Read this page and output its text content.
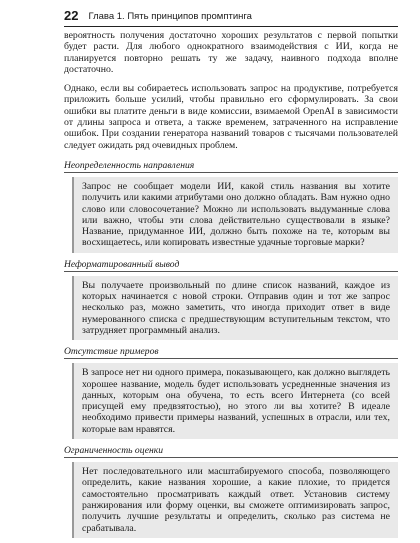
22 Глава 1. Пять принципов промптинга

вероятность получения достаточно хороших результатов с первой попытки будет расти. Для любого однократного взаимодействия с ИИ, когда не планируется повторно решать ту же задачу, наивного подхода вполне достаточно.

Однако, если вы собираетесь использовать запрос на продуктиве, потребуется приложить больше усилий, чтобы правильно его сформулировать. За свои ошибки вы платите деньги в виде комиссии, взимаемой OpenAI в зависимости от длины запроса и ответа, а также временем, затраченного на исправление ошибок. При создании генератора названий товаров с тысячами пользователей следует ожидать ряд очевидных проблем.

Неопределенность направления

Запрос не сообщает модели ИИ, какой стиль названия вы хотите получить или какими атрибутами оно должно обладать. Вам нужно одно слово или словосочетание? Можно ли использовать выдуманные слова или важно, чтобы эти слова действительно существовали в языке? Название, придуманное ИИ, должно быть похоже на те, которым вы восхищаетесь, или копировать известные удачные торговые марки?

Неформатированный вывод

Вы получаете произвольный по длине список названий, каждое из которых начинается с новой строки. Отправив один и тот же запрос несколько раз, можно заметить, что иногда приходит ответ в виде нумерованного списка с предшествующим вступительным текстом, что затрудняет программный анализ.

Отсутствие примеров

В запросе нет ни одного примера, показывающего, как должно выглядеть хорошее название, модель будет использовать усредненные значения из данных, которым она обучена, то есть всего Интернета (со всей присущей ему предвзятостью), но этого ли вы хотите? В идеале необходимо привести примеры названий, успешных в отрасли, или тех, которые вам нравятся.

Ограниченность оценки

Нет последовательного или масштабируемого способа, позволяющего определить, какие названия хорошие, а какие плохие, то придется самостоятельно просматривать каждый ответ. Установив систему ранжирования или форму оценки, вы сможете оптимизировать запрос, получить лучшие результаты и определить, сколько раз система не срабатывала.
